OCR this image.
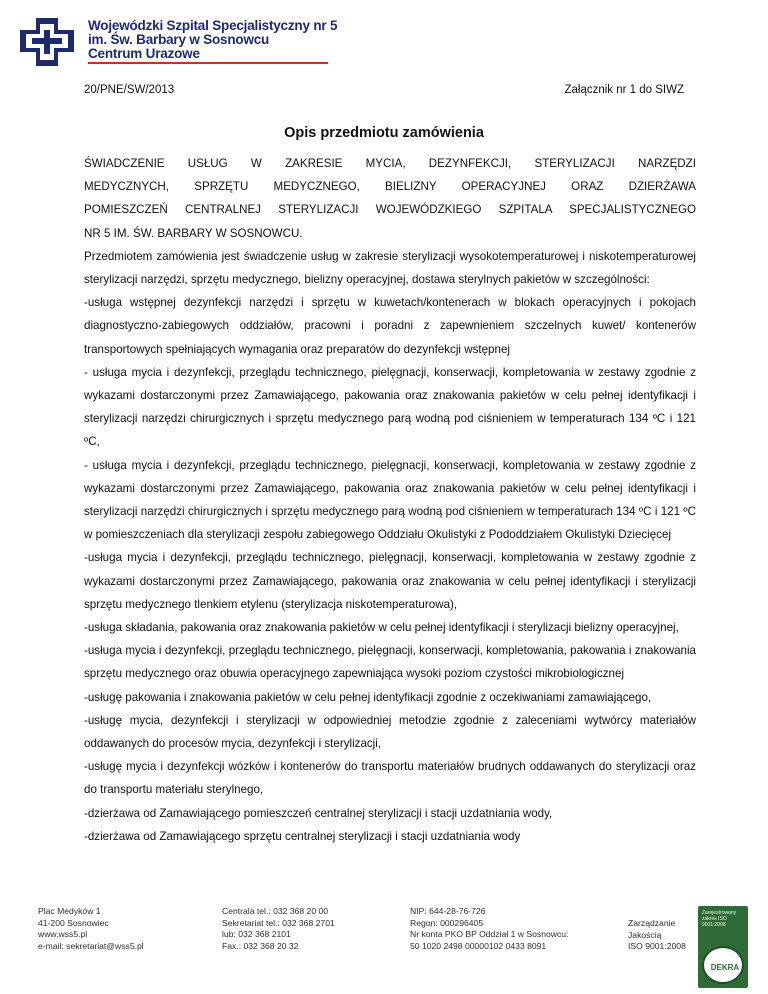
Wojewódzki Szpital Specjalistyczny nr 5
im. Św. Barbary w Sosnowcu
Centrum Urazowe
20/PNE/SW/2013	Załącznik nr 1 do SIWZ
Opis przedmiotu zamówienia

ŚWIADCZENIE USŁUG W ZAKRESIE MYCIA, DEZYNFEKCJI, STERYLIZACJI NARZĘDZI

MEDYCZNYCH, SPRZĘTU MEDYCZNEGO, BIELIZNY OPERACYJNEJ ORAZ DZIERŻAWA

POMIESZCZEŃ CENTRALNEJ STERYLIZACJI WOJEWÓDZKIEGO SZPITALA SPECJALISTYCZNEGO

NR 5 IM. ŚW. BARBARY W SOSNOWCU.

Przedmiotem zamówienia jest świadczenie usług w zakresie sterylizacji wysokotemperaturowej i niskotemperaturowej sterylizacji narzędzi, sprzętu medycznego, bielizny operacyjnej, dostawa sterylnych pakietów w szczególności:

-usługa wstępnej dezynfekcji narzędzi i sprzętu w kuwetach/kontenerach w blokach operacyjnych i pokojach diagnostyczno-zabiegowych oddziałów, pracowni i poradni z zapewnieniem szczelnych kuwet/ kontenerów transportowych spełniających wymagania oraz preparatów do dezynfekcji wstępnej

- usługa mycia i dezynfekcji, przeglądu technicznego, pielęgnacji, konserwacji, kompletowania w zestawy zgodnie z wykazami dostarczonymi przez Zamawiającego, pakowania oraz znakowania pakietów w celu pełnej identyfikacji i sterylizacji narzędzi chirurgicznych i sprzętu medycznego parą wodną pod ciśnieniem w temperaturach 134 ºC i 121 ºC,

- usługa mycia i dezynfekcji, przeglądu technicznego, pielęgnacji, konserwacji, kompletowania w zestawy zgodnie z wykazami dostarczonymi przez Zamawiającego, pakowania oraz znakowania pakietów w celu pełnej identyfikacji i sterylizacji narzędzi chirurgicznych i sprzętu medycznego parą wodną pod ciśnieniem w temperaturach 134 ºC i 121 ºC w pomieszczeniach dla sterylizacji zespołu zabiegowego Oddziału Okulistyki z Pododdziałem Okulistyki Dziecięcej

-usługa mycia i dezynfekcji, przeglądu technicznego, pielęgnacji, konserwacji, kompletowania w zestawy zgodnie z wykazami dostarczonymi przez Zamawiającego, pakowania oraz znakowania w celu pełnej identyfikacji i sterylizacji sprzętu medycznego tlenkiem etylenu (sterylizacja niskotemperaturowa),

-usługa składania, pakowania oraz znakowania pakietów w celu pełnej identyfikacji i sterylizacji bielizny operacyjnej,

-usługa mycia i dezynfekcji, przeglądu technicznego, pielęgnacji, konserwacji, kompletowania, pakowania i znakowania sprzętu medycznego oraz obuwia operacyjnego zapewniająca wysoki poziom czystości mikrobiologicznej

-usługę pakowania i znakowania pakietów w celu pełnej identyfikacji zgodnie z oczekiwaniami zamawiającego,

-usługę mycia, dezynfekcji i sterylizacji w odpowiedniej metodzie zgodnie z zaleceniami wytwórcy materiałów oddawanych do procesów mycia, dezynfekcji i sterylizacji,

-usługę mycia i dezynfekcji wózków i kontenerów do transportu materiałów brudnych oddawanych do sterylizacji oraz do transportu materiału sterylnego,

-dzierżawa od Zamawiającego pomieszczeń centralnej sterylizacji i stacji uzdatniania wody,

-dzierżawa od Zamawiającego sprzętu centralnej sterylizacji i stacji uzdatniania wody

Plac Medyków 1
41-200 Sosnowiec
www.wss5.pl
e-mail: sekretariat@wss5.pl
Centrala tel.: 032 368 20 00
Sekretariat tel.: 032 368 2701
lub: 032 368 2101
Fax.: 032 368 20 32
NIP: 644-28-76-726
Regon: 000296405
Nr konta PKO BP Oddział 1 w Sosnowcu:
50 1020 2498 00000102 0433 8091
Zarządzanie
Jakością
ISO 9001:2008
Zarejestrowany zakres ISO 9001:2008
DEKRA
